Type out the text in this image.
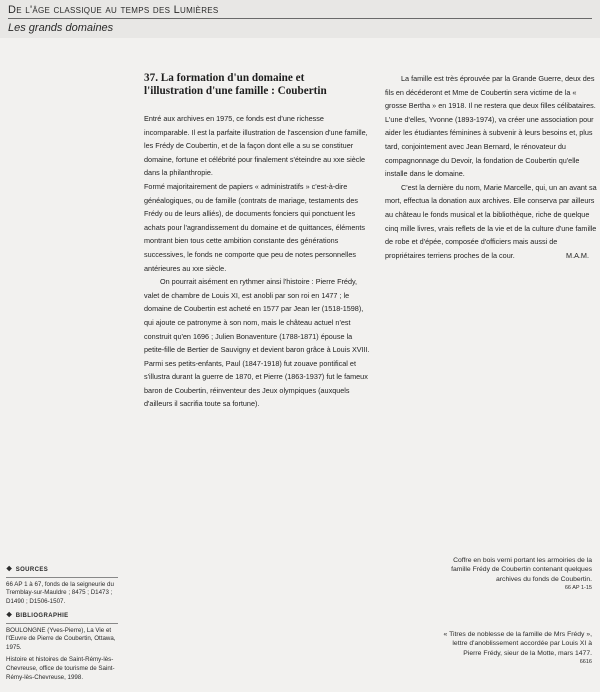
De l'âge classique au temps des Lumières
Les grands domaines
37. La formation d'un domaine et
l'illustration d'une famille : Coubertin

Entré aux archives en 1975, ce fonds est d'une richesse incomparable. Il est la parfaite illustration de l'ascension d'une famille, les Frédy de Coubertin, et de la façon dont elle a su se constituer domaine, fortune et célébrité pour finalement s'éteindre au xxe siècle dans la philanthropie.

Formé majoritairement de papiers « administratifs » c'est-à-dire généalogiques, ou de famille (contrats de mariage, testaments des Frédy ou de leurs alliés), de documents fonciers qui ponctuent les achats pour l'agrandissement du domaine et de quittances, éléments montrant bien tous cette ambition constante des générations successives, le fonds ne comporte que peu de notes personnelles antérieures au xxe siècle.

On pourrait aisément en rythmer ainsi l'histoire : Pierre Frédy, valet de chambre de Louis XI, est anobli par son roi en 1477 ; le domaine de Coubertin est acheté en 1577 par Jean Ier (1518-1598), qui ajoute ce patronyme à son nom, mais le château actuel n'est construit qu'en 1696 ; Julien Bonaventure (1788-1871) épouse la petite-fille de Bertier de Sauvigny et devient baron grâce à Louis XVIII. Parmi ses petits-enfants, Paul (1847-1918) fut zouave pontifical et s'illustra durant la guerre de 1870, et Pierre (1863-1937) fut le fameux baron de Coubertin, réinventeur des Jeux olympiques (auxquels d'ailleurs il sacrifia toute sa fortune).

La famille est très éprouvée par la Grande Guerre, deux des fils en décéderont et Mme de Coubertin sera victime de la « grosse Bertha » en 1918. Il ne restera que deux filles célibataires. L'une d'elles, Yvonne (1893-1974), va créer une association pour aider les étudiantes féminines à subvenir à leurs besoins et, plus tard, conjointement avec Jean Bernard, le rénovateur du compagnonnage du Devoir, la fondation de Coubertin qu'elle installe dans le domaine.

C'est la dernière du nom, Marie Marcelle, qui, un an avant sa mort, effectua la donation aux archives. Elle conserva par ailleurs au château le fonds musical et la bibliothèque, riche de quelque cinq mille livres, vrais reflets de la vie et de la culture d'une famille de robe et d'épée, composée d'officiers mais aussi de propriétaires terriens proches de la cour.	M.A.M.
❖ SOURCES
66 AP 1 à 67, fonds de la seigneurie du Tremblay-sur-Mauldre ; 8475 ; D1473 ; D1490 ; D1506-1507.
❖ BIBLIOGRAPHIE

BOULONGNE (Yves-Pierre), La Vie et l'Œuvre de Pierre de Coubertin, Ottawa, 1975.

Histoire et histoires de Saint-Rémy-lès-Chevreuse, office de tourisme de Saint-Rémy-lès-Chevreuse, 1998.

Coffre en bois verni portant les armoiries de la famille Frédy de Coubertin contenant quelques archives du fonds de Coubertin.
66 AP 1-15
« Titres de noblesse de la famille de Mrs Frédy », lettre d'anoblissement accordée par Louis XI à Pierre Frédy, sieur de la Motte, mars 1477.
6616
